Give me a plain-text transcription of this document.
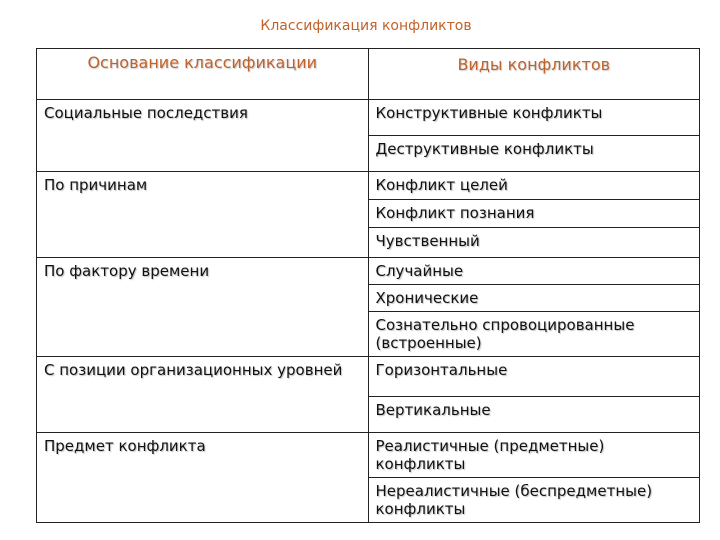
Классификация конфликтов
Основание классификации	Виды конфликтов
Социальные последствия	Конструктивные конфликты
	Деструктивные конфликты
По причинам	Конфликт целей
	Конфликт познания
	Чувственный
По фактору времени	Случайные
	Хронические
	Сознательно спровоцированные (встроенные)
С позиции организационных уровней	Горизонтальные
	Вертикальные
Предмет конфликта	Реалистичные (предметные) конфликты
	Нереалистичные (беспредметные) конфликты
